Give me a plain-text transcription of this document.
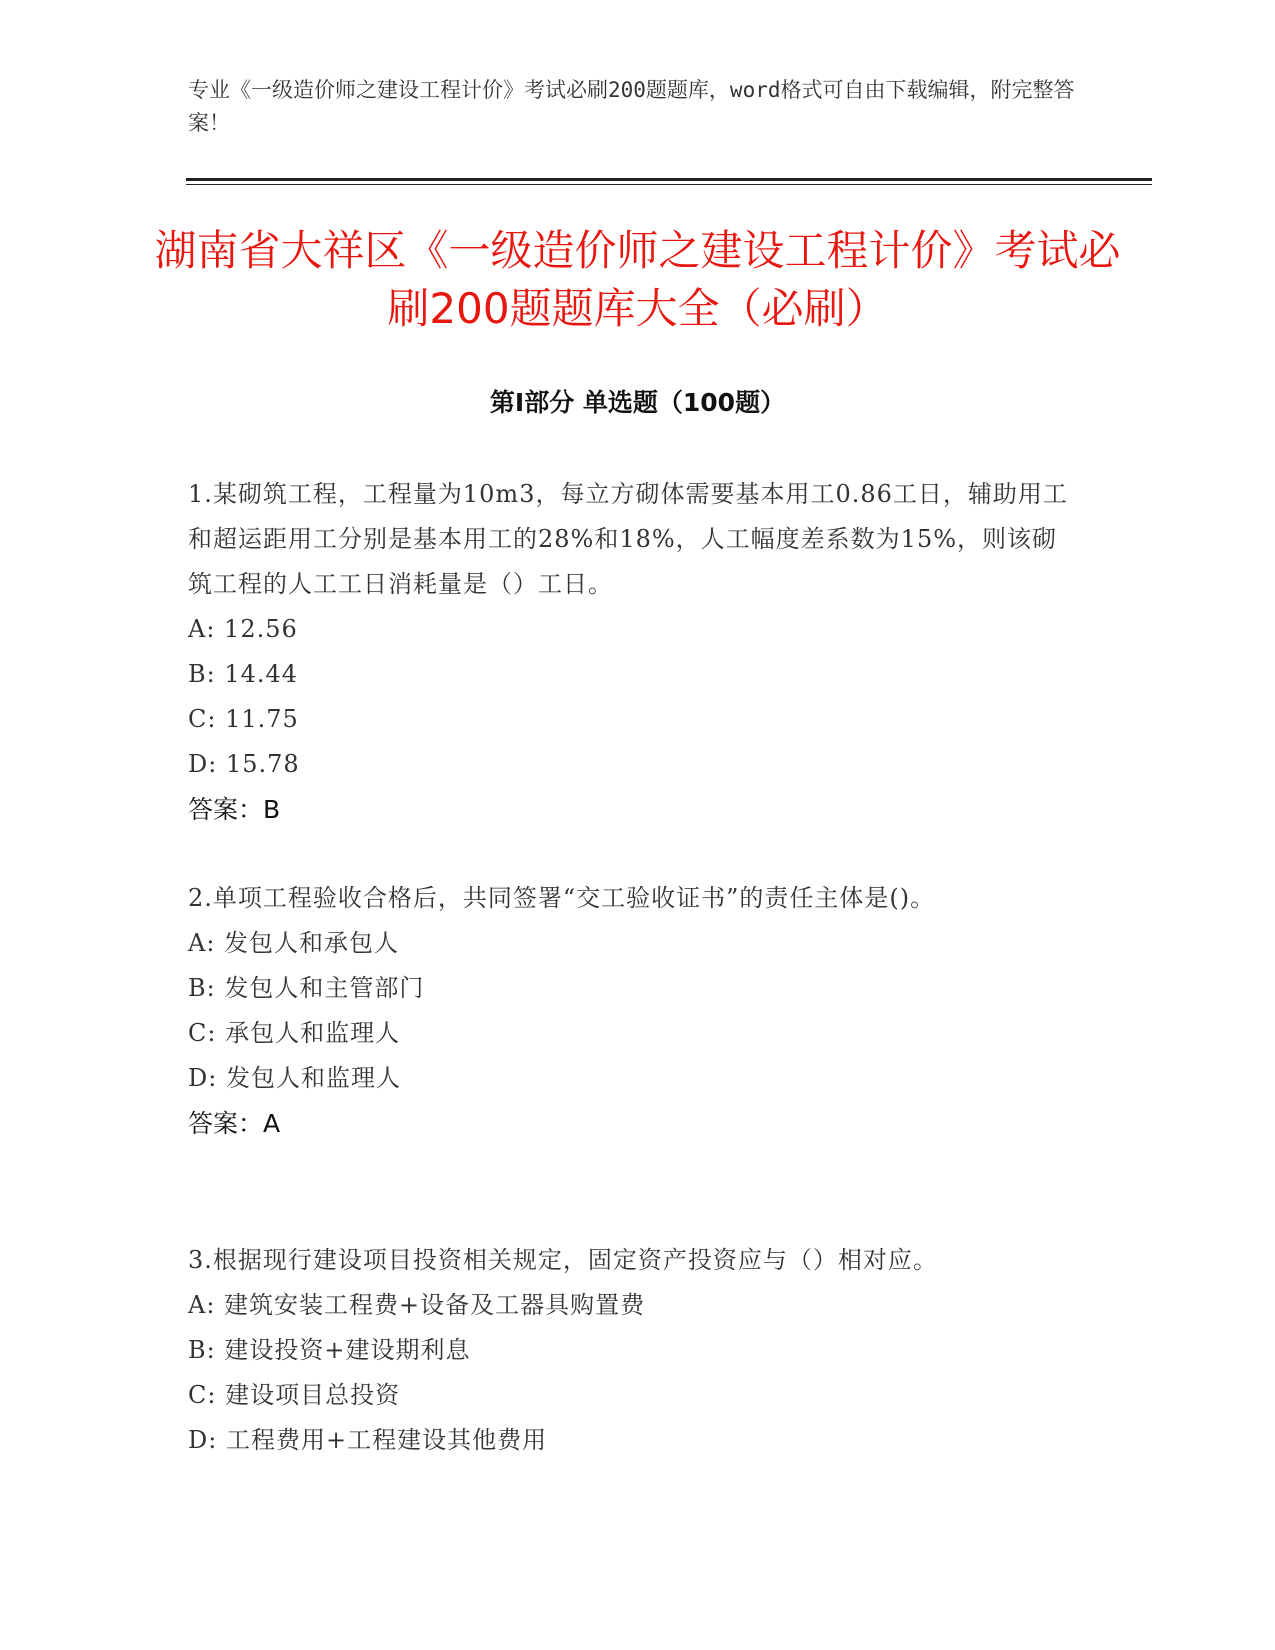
专业《一级造价师之建设工程计价》考试必刷200题题库，word格式可自由下载编辑，附完整答案！
湖南省大祥区《一级造价师之建设工程计价》考试必刷200题题库大全（必刷）
第Ⅰ部分 单选题（100题）

1.某砌筑工程，工程量为10m3，每立方砌体需要基本用工0.86工日，辅助用工和超运距用工分别是基本用工的28%和18%，人工幅度差系数为15%，则该砌筑工程的人工工日消耗量是（）工日。

A: 12.56
B: 14.44
C: 11.75
D: 15.78

答案：B

2.单项工程验收合格后，共同签署“交工验收证书”的责任主体是()。

A: 发包人和承包人
B: 发包人和主管部门
C: 承包人和监理人
D: 发包人和监理人

答案：A

3.根据现行建设项目投资相关规定，固定资产投资应与（）相对应。

A: 建筑安装工程费+设备及工器具购置费
B: 建设投资+建设期利息
C: 建设项目总投资
D: 工程费用+工程建设其他费用
